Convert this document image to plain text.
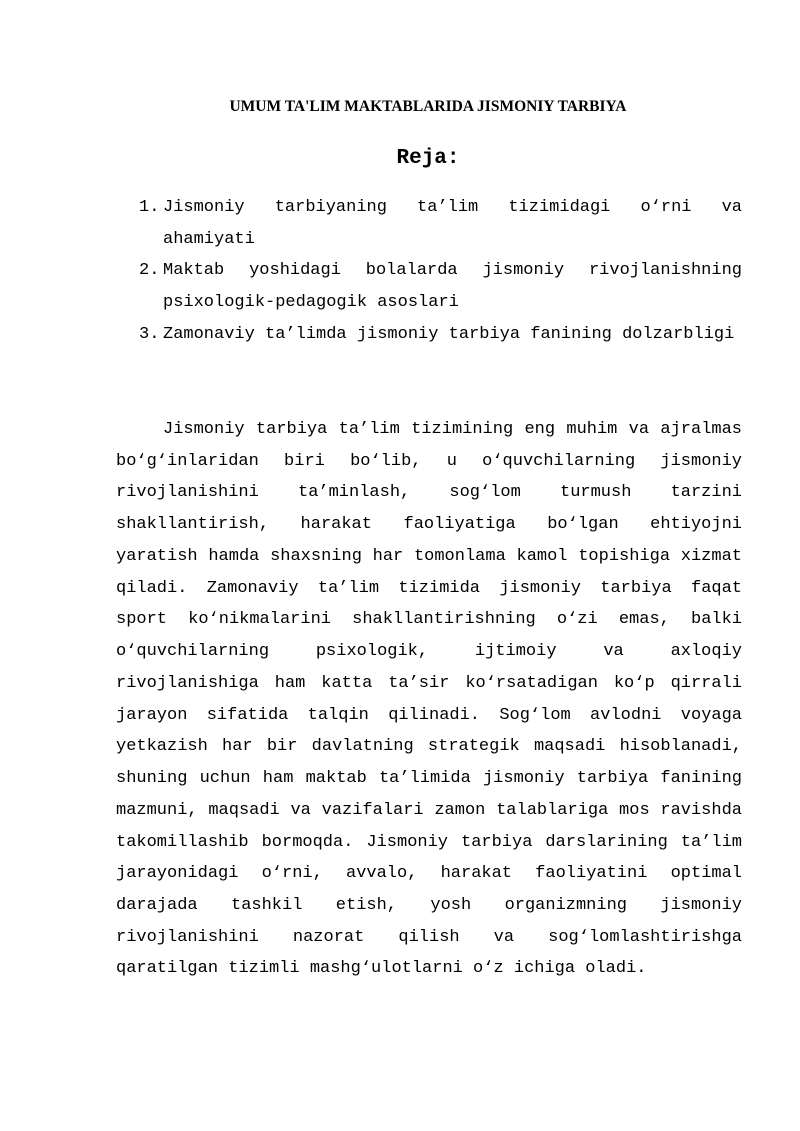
UMUM TA'LIM MAKTABLARIDA JISMONIY TARBIYA
Reja:
1. Jismoniy tarbiyaning ta’lim tizimidagi o‘rni va ahamiyati
2. Maktab yoshidagi bolalarda jismoniy rivojlanishning psixologik-pedagogik asoslari
3. Zamonaviy ta’limda jismoniy tarbiya fanining dolzarbligi

Jismoniy tarbiya ta’lim tizimining eng muhim va ajralmas bo‘g‘inlaridan biri bo‘lib, u o‘quvchilarning jismoniy rivojlanishini ta’minlash, sog‘lom turmush tarzini shakllantirish, harakat faoliyatiga bo‘lgan ehtiyojni yaratish hamda shaxsning har tomonlama kamol topishiga xizmat qiladi. Zamonaviy ta’lim tizimida jismoniy tarbiya faqat sport ko‘nikmalarini shakllantirishning o‘zi emas, balki o‘quvchilarning psixologik, ijtimoiy va axloqiy rivojlanishiga ham katta ta’sir ko‘rsatadigan ko‘p qirrali jarayon sifatida talqin qilinadi. Sog‘lom avlodni voyaga yetkazish har bir davlatning strategik maqsadi hisoblanadi, shuning uchun ham maktab ta’limida jismoniy tarbiya fanining mazmuni, maqsadi va vazifalari zamon talablariga mos ravishda takomillashib bormoqda. Jismoniy tarbiya darslarining ta’lim jarayonidagi o‘rni, avvalo, harakat faoliyatini optimal darajada tashkil etish, yosh organizmning jismoniy rivojlanishini nazorat qilish va sog‘lomlashtirishga qaratilgan tizimli mashg‘ulotlarni o‘z ichiga oladi.
